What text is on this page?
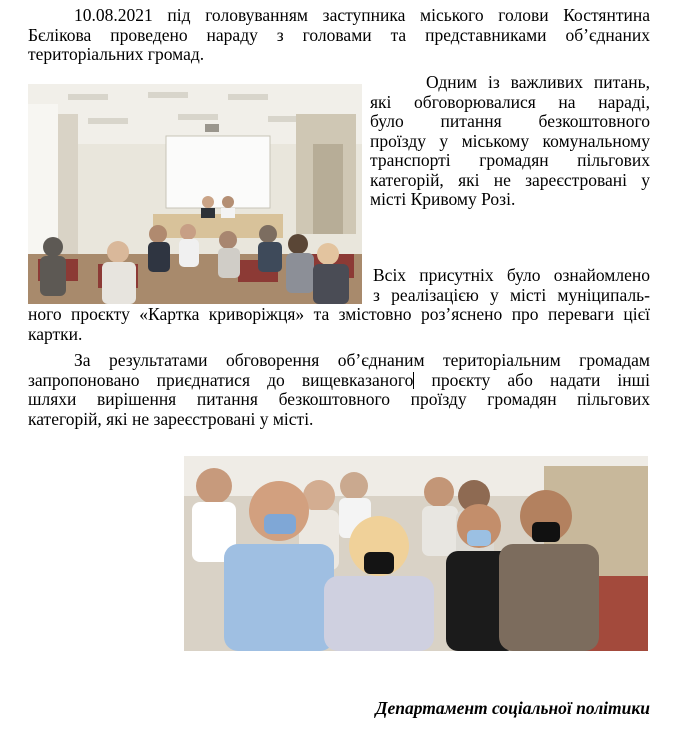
10.08.2021 під головуванням заступника міського голови Костянтина
Бєлікова проведено нараду з головами та представниками об’єднаних
територіальних громад.
Одним із важливих питань,
які обговорювалися на нараді,
було питання безкоштовного
проїзду у міському комунальному
транспорті громадян пільгових
категорій, які не зареєстровані у
місті Кривому Розі.
Всіх присутніх було ознайомлено
з реалізацією у місті муніципаль-
ного проєкту «Картка криворіжця» та змістовно роз’яснено про переваги цієї
картки.
За результатами обговорення об’єднаним територіальним громадам
запропоновано приєднатися до вищевказаного проєкту або надати інші
шляхи вирішення питання безкоштовного проїзду громадян пільгових
категорій, які не зареєстровані у місті.
Департамент соціальної політики
